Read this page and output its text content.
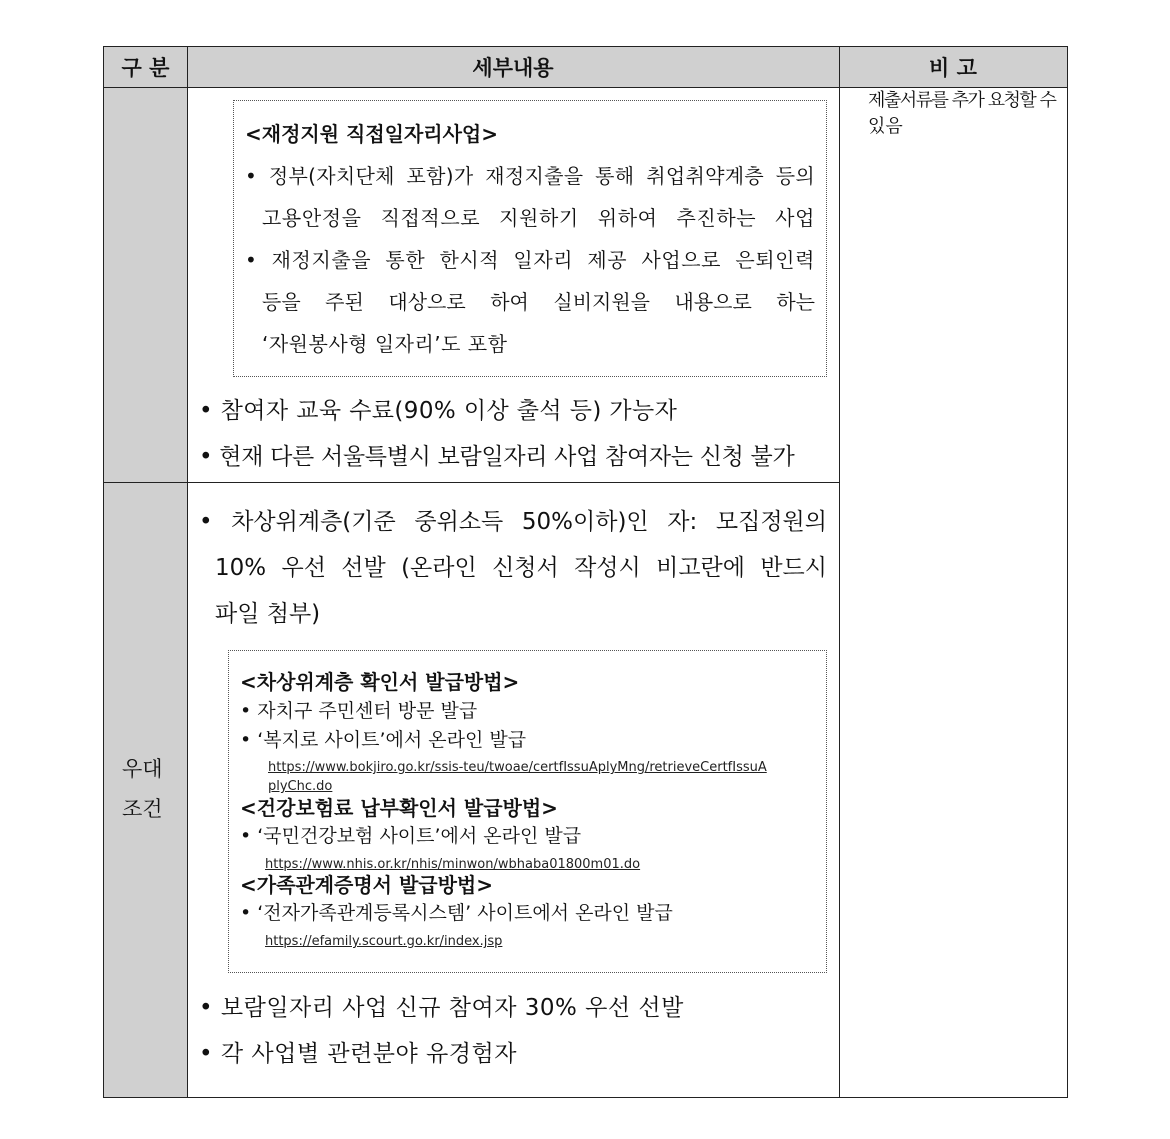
구 분	세부내용	비 고

<재정지원 직접일자리사업>

• 정부(자치단체 포함)가 재정지출을 통해 취업취약계층 등의

고용안정을 직접적으로 지원하기 위하여 추진하는 사업

• 재정지출을 통한 한시적 일자리 제공 사업으로 은퇴인력

등을 주된 대상으로 하여 실비지원을 내용으로 하는

‘자원봉사형 일자리’도 포함

• 참여자 교육 수료(90% 이상 출석 등) 가능자

• 현재 다른 서울특별시 보람일자리 사업 참여자는 신청 불가

제출서류를 추가 요청할 수

있음

우대

조건

• 차상위계층(기준 중위소득 50%이하)인 자: 모집정원의

10% 우선 선발 (온라인 신청서 작성시 비고란에 반드시

파일 첨부)

<차상위계층 확인서 발급방법>

• 자치구 주민센터 방문 발급

• ‘복지로 사이트’에서 온라인 발급

https://www.bokjiro.go.kr/ssis-teu/twoae/certfIssuAplyMng/retrieveCertfIssuA
plyChc.do

<건강보험료 납부확인서 발급방법>

• ‘국민건강보험 사이트’에서 온라인 발급

https://www.nhis.or.kr/nhis/minwon/wbhaba01800m01.do

<가족관계증명서 발급방법>

• ‘전자가족관계등록시스템’ 사이트에서 온라인 발급

https://efamily.scourt.go.kr/index.jsp

• 보람일자리 사업 신규 참여자 30% 우선 선발

• 각 사업별 관련분야 유경험자
